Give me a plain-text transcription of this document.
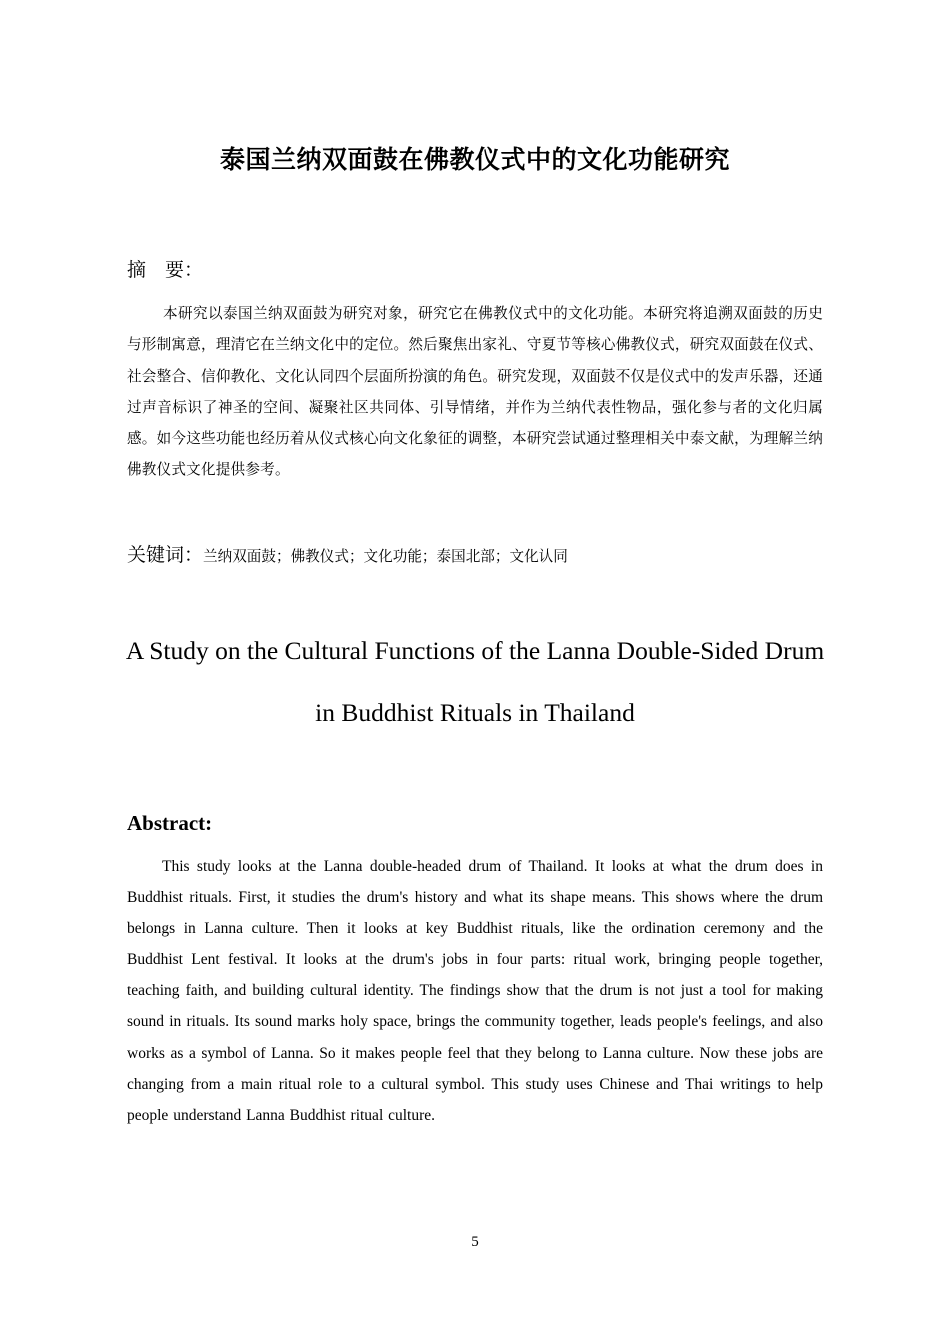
泰国兰纳双面鼓在佛教仪式中的文化功能研究
摘　要：
本研究以泰国兰纳双面鼓为研究对象，研究它在佛教仪式中的文化功能。本研究将追溯双面鼓的历史与形制寓意，理清它在兰纳文化中的定位。然后聚焦出家礼、守夏节等核心佛教仪式，研究双面鼓在仪式、社会整合、信仰教化、文化认同四个层面所扮演的角色。研究发现，双面鼓不仅是仪式中的发声乐器，还通过声音标识了神圣的空间、凝聚社区共同体、引导情绪，并作为兰纳代表性物品，强化参与者的文化归属感。如今这些功能也经历着从仪式核心向文化象征的调整，本研究尝试通过整理相关中泰文献，为理解兰纳佛教仪式文化提供参考。
关键词：兰纳双面鼓；佛教仪式；文化功能；泰国北部；文化认同
A Study on the Cultural Functions of the Lanna Double-Sided Drum in Buddhist Rituals in Thailand
Abstract:
This study looks at the Lanna double-headed drum of Thailand. It looks at what the drum does in Buddhist rituals. First, it studies the drum's history and what its shape means. This shows where the drum belongs in Lanna culture. Then it looks at key Buddhist rituals, like the ordination ceremony and the Buddhist Lent festival. It looks at the drum's jobs in four parts: ritual work, bringing people together, teaching faith, and building cultural identity. The findings show that the drum is not just a tool for making sound in rituals. Its sound marks holy space, brings the community together, leads people's feelings, and also works as a symbol of Lanna. So it makes people feel that they belong to Lanna culture. Now these jobs are changing from a main ritual role to a cultural symbol. This study uses Chinese and Thai writings to help people understand Lanna Buddhist ritual culture.
5
